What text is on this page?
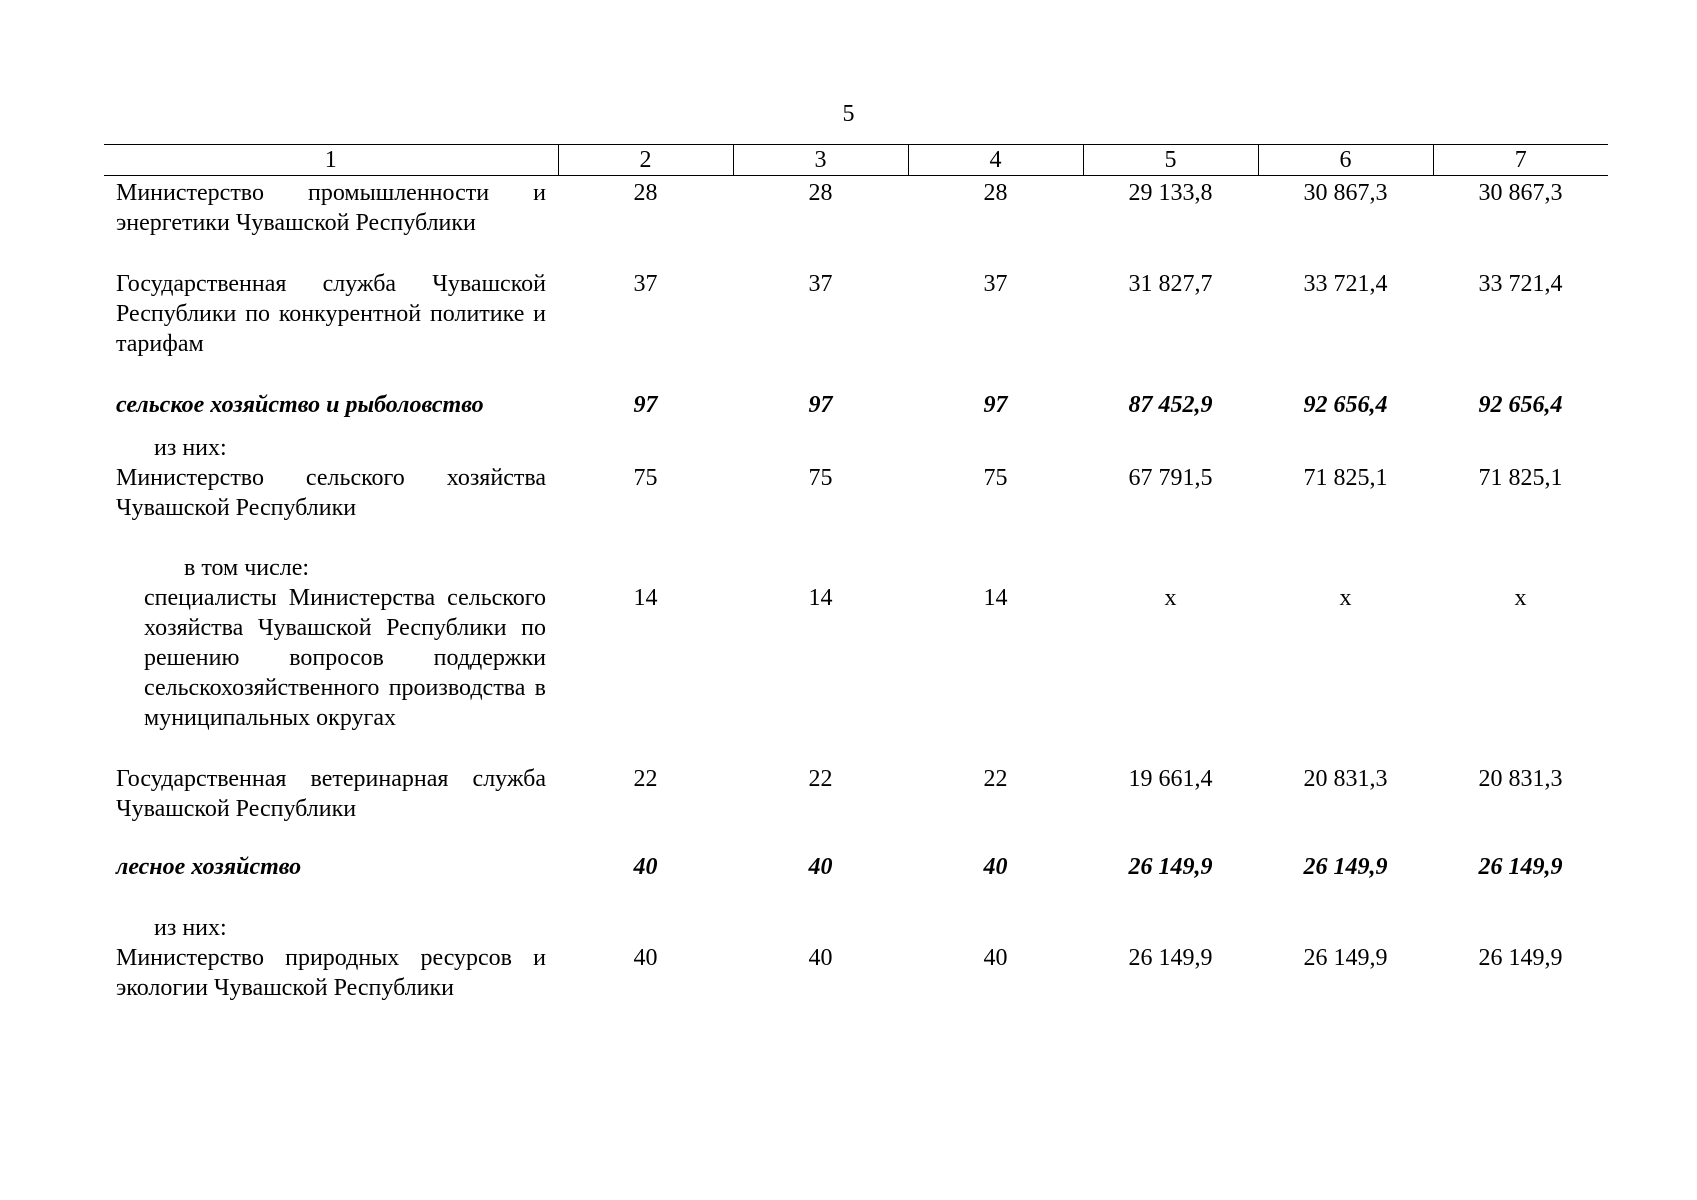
5
1	2	3	4	5	6	7
Министерство промышленности и энергетики Чувашской Республики	28	28	28	29 133,8	30 867,3	30 867,3
Государственная служба Чувашской Республики по конкурентной политике и тарифам	37	37	37	31 827,7	33 721,4	33 721,4
сельское хозяйство и рыболовство	97	97	97	87 452,9	92 656,4	92 656,4

из них:						

Министерство сельского хозяйства Чувашской Республики	75	75	75	67 791,5	71 825,1	71 825,1

в том числе:						

специалисты Министерства сельского хозяйства Чувашской Республики по решению вопросов поддержки сельскохозяйственного производства в муниципальных округах	14	14	14	х	х	х
Государственная ветеринарная служба Чувашской Республики	22	22	22	19 661,4	20 831,3	20 831,3
лесное хозяйство	40	40	40	26 149,9	26 149,9	26 149,9

из них:						

Министерство природных ресурсов и экологии Чувашской Республики	40	40	40	26 149,9	26 149,9	26 149,9
